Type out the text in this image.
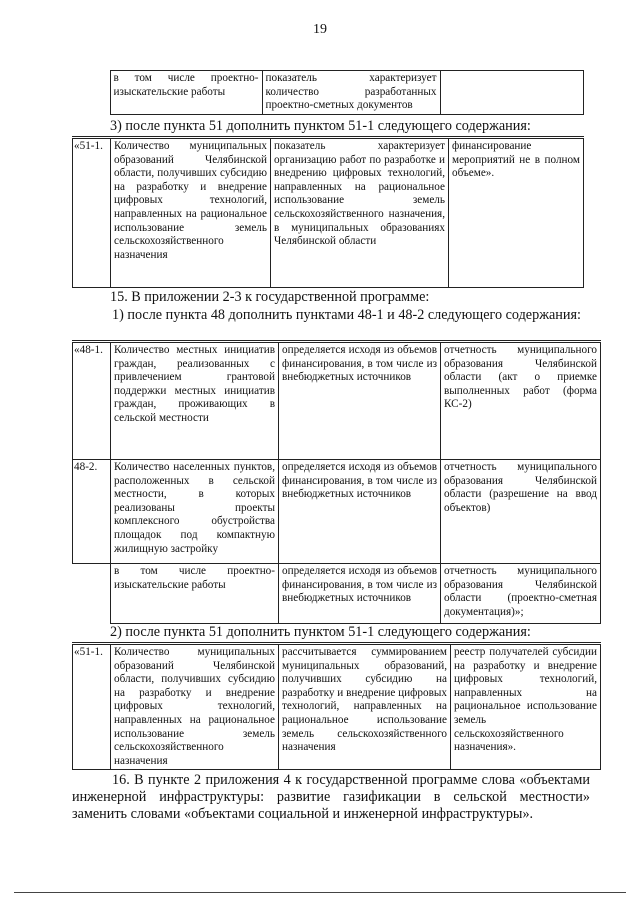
19
	в том числе проектно-изыскательские работы	показатель характеризует количество разработанных проектно-сметных документов	
3) после пункта 51 дополнить пунктом 51-1 следующего содержания:
«51-1.	Количество муниципальных образований Челябинской области, получивших субсидию на разработку и внедрение цифровых технологий, направленных на рациональное использование земель сельскохозяйственного назначения	показатель характеризует организацию работ по разработке и внедрению цифровых технологий, направленных на рациональное использование земель сельскохозяйственного назначения, в муниципальных образованиях Челябинской области	финансирование мероприятий не в полном объеме».
15. В приложении 2-3 к государственной программе:
1) после пункта 48 дополнить пунктами 48-1 и 48-2 следующего содержания:
«48-1.	Количество местных инициатив граждан, реализованных с привлечением грантовой поддержки местных инициатив граждан, проживающих в сельской местности	определяется исходя из объемов финансирования, в том числе из внебюджетных источников	отчетность муниципального образования Челябинской области (акт о приемке выполненных работ (форма КС-2)
48-2.	Количество населенных пунктов, расположенных в сельской местности, в которых реализованы проекты комплексного обустройства площадок под компактную жилищную застройку	определяется исходя из объемов финансирования, в том числе из внебюджетных источников	отчетность муниципального образования Челябинской области (разрешение на ввод объектов)
	в том числе проектно-изыскательские работы	определяется исходя из объемов финансирования, в том числе из внебюджетных источников	отчетность муниципального образования Челябинской области (проектно-сметная документация)»;
2) после пункта 51 дополнить пунктом 51-1 следующего содержания:
«51-1.	Количество муниципальных образований Челябинской области, получивших субсидию на разработку и внедрение цифровых технологий, направленных на рациональное использование земель сельскохозяйственного назначения	рассчитывается суммированием муниципальных образований, получивших субсидию на разработку и внедрение цифровых технологий, направленных на рациональное использование земель сельскохозяйственного назначения	реестр получателей субсидии на разработку и внедрение цифровых технологий, направленных на рациональное использование земель сельскохозяйственного назначения».
16. В пункте 2 приложения 4 к государственной программе слова «объектами инженерной инфраструктуры: развитие газификации в сельской местности» заменить словами «объектами социальной и инженерной инфраструктуры».
